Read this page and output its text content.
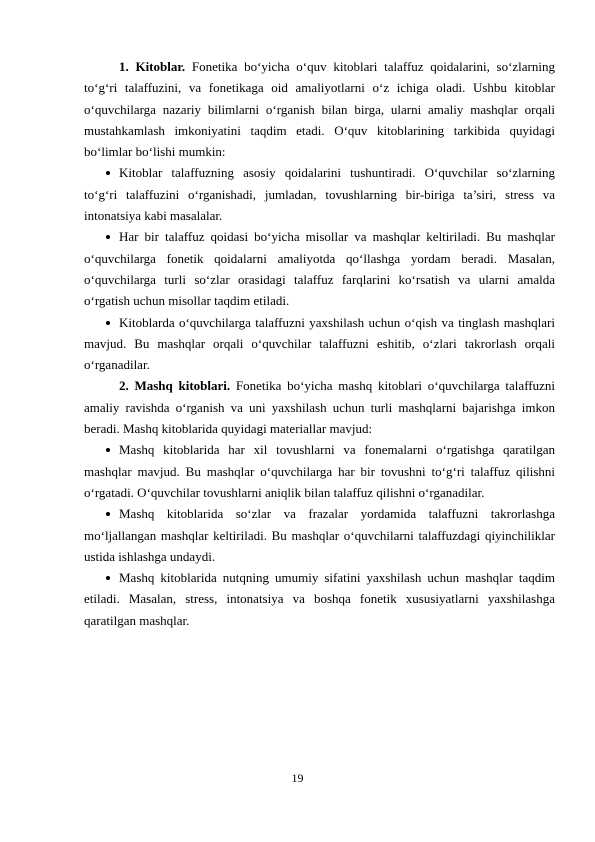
1. Kitoblar. Fonetika bo‘yicha o‘quv kitoblari talaffuz qoidalarini, so‘zlarning to‘g‘ri talaffuzini, va fonetikaga oid amaliyotlarni o‘z ichiga oladi. Ushbu kitoblar o‘quvchilarga nazariy bilimlarni o‘rganish bilan birga, ularni amaliy mashqlar orqali mustahkamlash imkoniyatini taqdim etadi. O‘quv kitoblarining tarkibida quyidagi bo‘limlar bo‘lishi mumkin:

Kitoblar talaffuzning asosiy qoidalarini tushuntiradi. O‘quvchilar so‘zlarning to‘g‘ri talaffuzini o‘rganishadi, jumladan, tovushlarning bir-biriga ta’siri, stress va intonatsiya kabi masalalar.

Har bir talaffuz qoidasi bo‘yicha misollar va mashqlar keltiriladi. Bu mashqlar o‘quvchilarga fonetik qoidalarni amaliyotda qo‘llashga yordam beradi. Masalan, o‘quvchilarga turli so‘zlar orasidagi talaffuz farqlarini ko‘rsatish va ularni amalda o‘rgatish uchun misollar taqdim etiladi.

Kitoblarda o‘quvchilarga talaffuzni yaxshilash uchun o‘qish va tinglash mashqlari mavjud. Bu mashqlar orqali o‘quvchilar talaffuzni eshitib, o‘zlari takrorlash orqali o‘rganadilar.

2. Mashq kitoblari. Fonetika bo‘yicha mashq kitoblari o‘quvchilarga talaffuzni amaliy ravishda o‘rganish va uni yaxshilash uchun turli mashqlarni bajarishga imkon beradi. Mashq kitoblarida quyidagi materiallar mavjud:

Mashq kitoblarida har xil tovushlarni va fonemalarni o‘rgatishga qaratilgan mashqlar mavjud. Bu mashqlar o‘quvchilarga har bir tovushni to‘g‘ri talaffuz qilishni o‘rgatadi. O‘quvchilar tovushlarni aniqlik bilan talaffuz qilishni o‘rganadilar.

Mashq kitoblarida so‘zlar va frazalar yordamida talaffuzni takrorlashga mo‘ljallangan mashqlar keltiriladi. Bu mashqlar o‘quvchilarni talaffuzdagi qiyinchiliklar ustida ishlashga undaydi.

Mashq kitoblarida nutqning umumiy sifatini yaxshilash uchun mashqlar taqdim etiladi. Masalan, stress, intonatsiya va boshqa fonetik xususiyatlarni yaxshilashga qaratilgan mashqlar.

19
